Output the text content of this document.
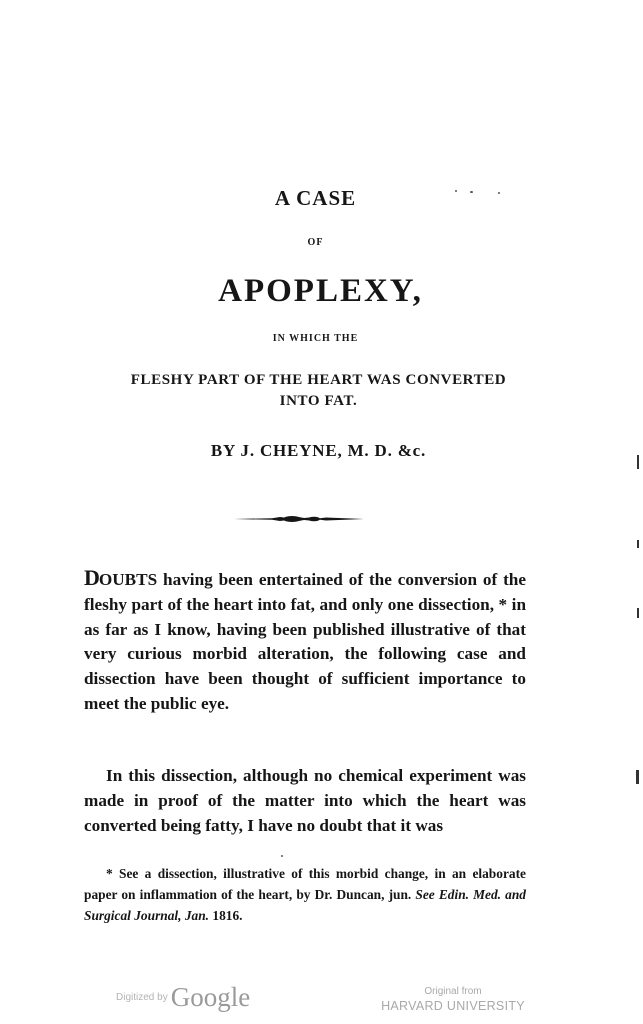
A CASE
OF
APOPLEXY,
IN WHICH THE
FLESHY PART OF THE HEART WAS CONVERTED
INTO FAT.
BY J. CHEYNE, M. D. &c.

DOUBTS having been entertained of the conversion of the fleshy part of the heart into fat, and only one dissection, * in as far as I know, having been published illustrative of that very curious morbid alteration, the following case and dissection have been thought of sufficient importance to meet the public eye.

In this dissection, although no chemical experiment was made in proof of the matter into which the heart was converted being fatty, I have no doubt that it was

* See a dissection, illustrative of this morbid change, in an elaborate paper on inflammation of the heart, by Dr. Duncan, jun. See Edin. Med. and Surgical Journal, Jan. 1816.

Digitized by Google	Original from
HARVARD UNIVERSITY
